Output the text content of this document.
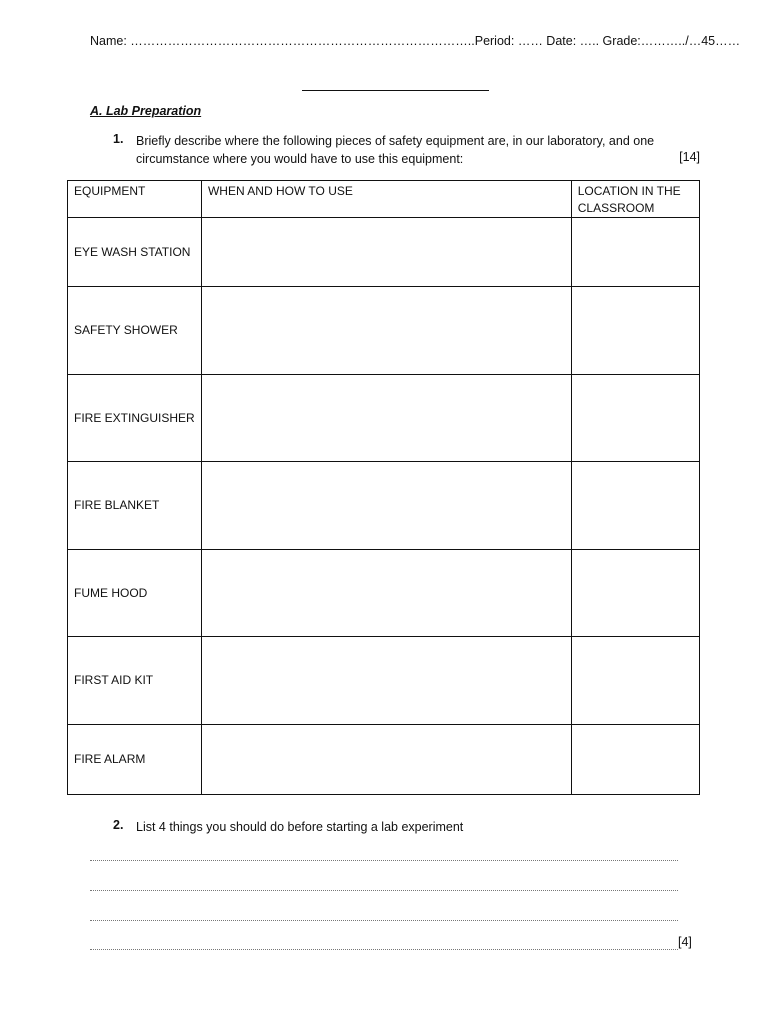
Name: ………………………………………………………………………..Period: …… Date: ….. Grade:………../…45……
A. Lab Preparation
1. Briefly describe where the following pieces of safety equipment are, in our laboratory, and one circumstance where you would have to use this equipment:	[14]
EQUIPMENT	WHEN AND HOW TO USE	LOCATION IN THE CLASSROOM
EYE WASH STATION		
SAFETY SHOWER		
FIRE EXTINGUISHER		
FIRE BLANKET		
FUME HOOD		
FIRST AID KIT		
FIRE ALARM		
2. List 4 things you should do before starting a lab experiment
[4]
